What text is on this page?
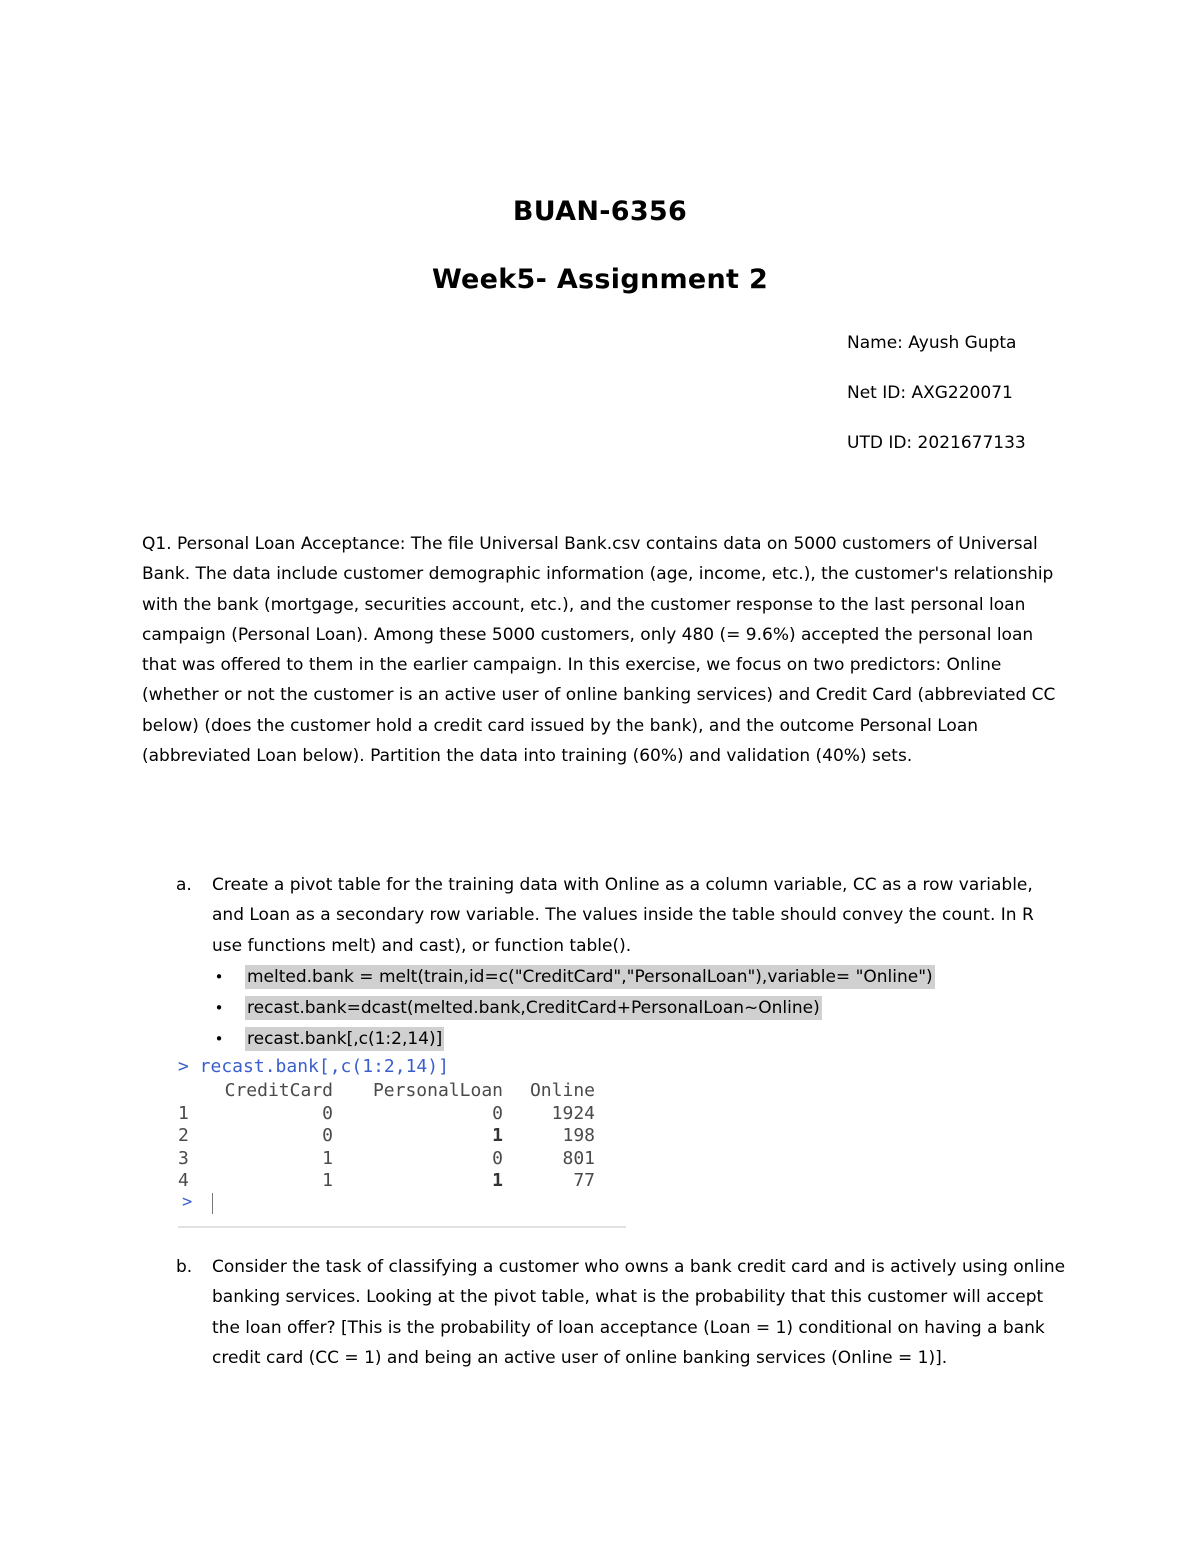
BUAN-6356
Week5- Assignment 2
Name: Ayush Gupta
Net ID: AXG220071
UTD ID: 2021677133

Q1. Personal Loan Acceptance: The file Universal Bank.csv contains data on 5000 customers of Universal Bank. The data include customer demographic information (age, income, etc.), the customer's relationship with the bank (mortgage, securities account, etc.), and the customer response to the last personal loan campaign (Personal Loan). Among these 5000 customers, only 480 (= 9.6%) accepted the personal loan that was offered to them in the earlier campaign. In this exercise, we focus on two predictors: Online (whether or not the customer is an active user of online banking services) and Credit Card (abbreviated CC below) (does the customer hold a credit card issued by the bank), and the outcome Personal Loan (abbreviated Loan below). Partition the data into training (60%) and validation (40%) sets.

a. Create a pivot table for the training data with Online as a column variable, CC as a row variable, and Loan as a secondary row variable. The values inside the table should convey the count. In R use functions melt) and cast), or function table().
• melted.bank = melt(train,id=c("CreditCard","PersonalLoan"),variable= "Online")
• recast.bank=dcast(melted.bank,CreditCard+PersonalLoan~Online)
• recast.bank[,c(1:2,14)]
> recast.bank[,c(1:2,14)]
	CreditCard	PersonalLoan	Online
1	0	0	1924
2	0	1	198
3	1	0	801
4	1	1	77
>
b. Consider the task of classifying a customer who owns a bank credit card and is actively using online banking services. Looking at the pivot table, what is the probability that this customer will accept the loan offer? [This is the probability of loan acceptance (Loan = 1) conditional on having a bank credit card (CC = 1) and being an active user of online banking services (Online = 1)].
